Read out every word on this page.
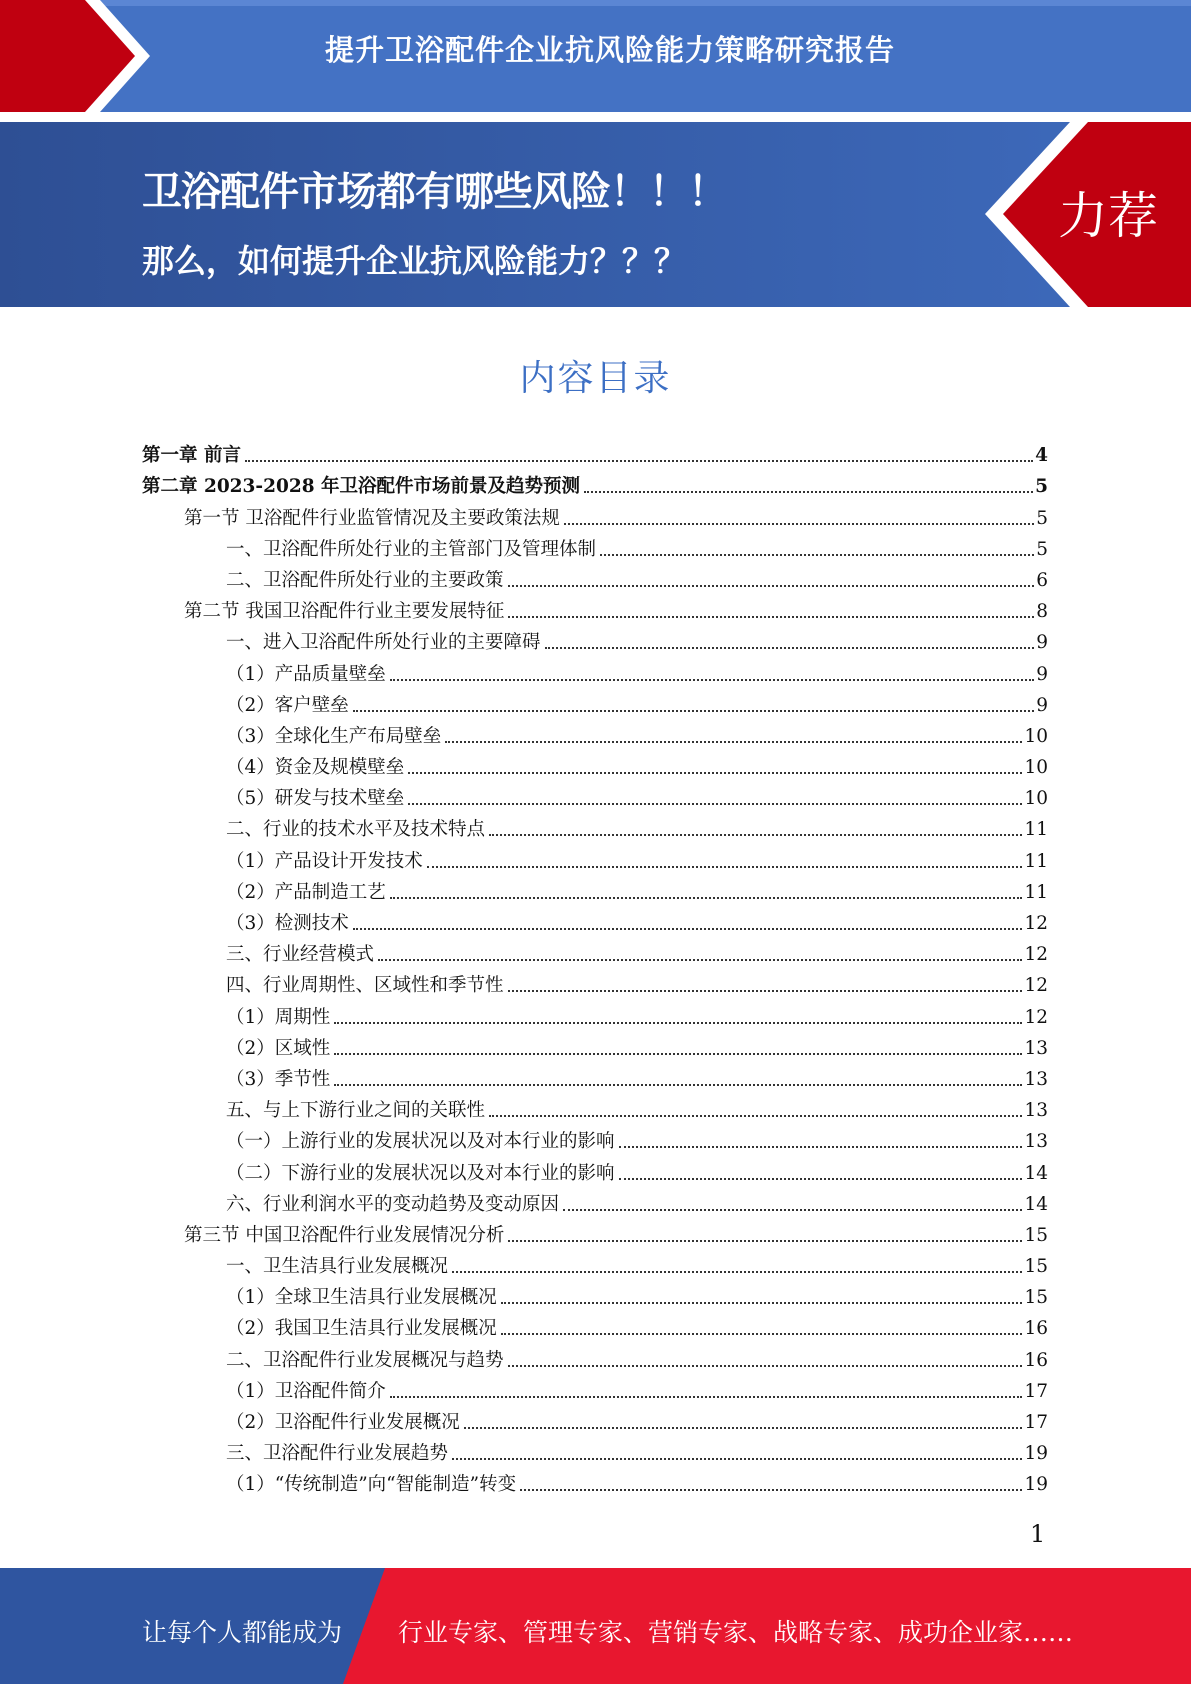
提升卫浴配件企业抗风险能力策略研究报告
卫浴配件市场都有哪些风险！！！
那么，如何提升企业抗风险能力？？？
力荐
内容目录
第一章 前言	4
第二章 2023-2028 年卫浴配件市场前景及趋势预测	5
第一节 卫浴配件行业监管情况及主要政策法规	5
一、卫浴配件所处行业的主管部门及管理体制	5
二、卫浴配件所处行业的主要政策	6
第二节 我国卫浴配件行业主要发展特征	8
一、进入卫浴配件所处行业的主要障碍	9
（1）产品质量壁垒	9
（2）客户壁垒	9
（3）全球化生产布局壁垒	10
（4）资金及规模壁垒	10
（5）研发与技术壁垒	10
二、行业的技术水平及技术特点	11
（1）产品设计开发技术	11
（2）产品制造工艺	11
（3）检测技术	12
三、行业经营模式	12
四、行业周期性、区域性和季节性	12
（1）周期性	12
（2）区域性	13
（3）季节性	13
五、与上下游行业之间的关联性	13
（一）上游行业的发展状况以及对本行业的影响	13
（二）下游行业的发展状况以及对本行业的影响	14
六、行业利润水平的变动趋势及变动原因	14
第三节 中国卫浴配件行业发展情况分析	15
一、卫生洁具行业发展概况	15
（1）全球卫生洁具行业发展概况	15
（2）我国卫生洁具行业发展概况	16
二、卫浴配件行业发展概况与趋势	16
（1）卫浴配件简介	17
（2）卫浴配件行业发展概况	17
三、卫浴配件行业发展趋势	19
（1）“传统制造”向“智能制造”转变	19
1
让每个人都能成为 行业专家、管理专家、营销专家、战略专家、成功企业家……
